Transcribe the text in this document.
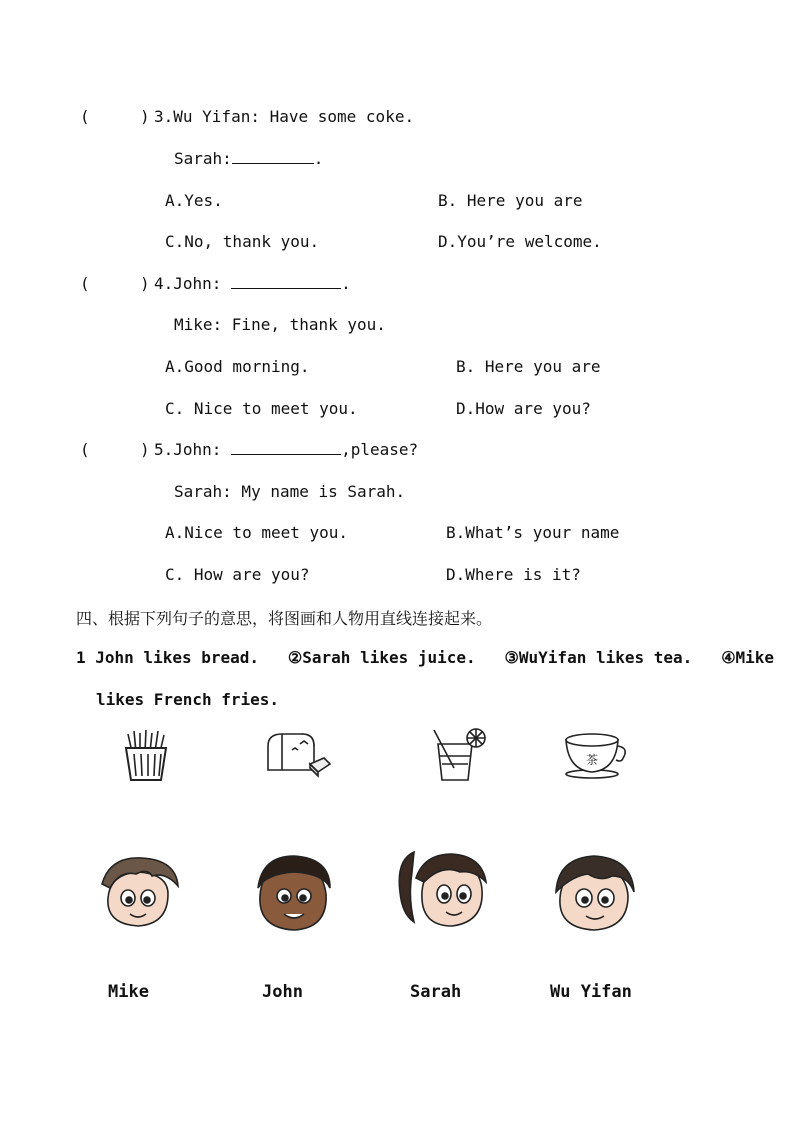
(	) 3.Wu Yifan: Have some coke.
Sarah:	.
A.Yes.	B. Here you are
C.No, thank you.	D.You’re welcome.
(	) 4.John:	.
Mike: Fine, thank you.
A.Good morning.	B. Here you are
C. Nice to meet you.	D.How are you?
(	) 5.John:	,please?
Sarah: My name is Sarah.
A.Nice to meet you.	B.What’s your name
C. How are you?	D.Where is it?
四、根据下列句子的意思，将图画和人物用直线连接起来。
1 John likes bread.   ②Sarah likes juice.   ③WuYifan likes tea.   ④Mike
likes French fries.
茶
Mike	John	Sarah	Wu Yifan
